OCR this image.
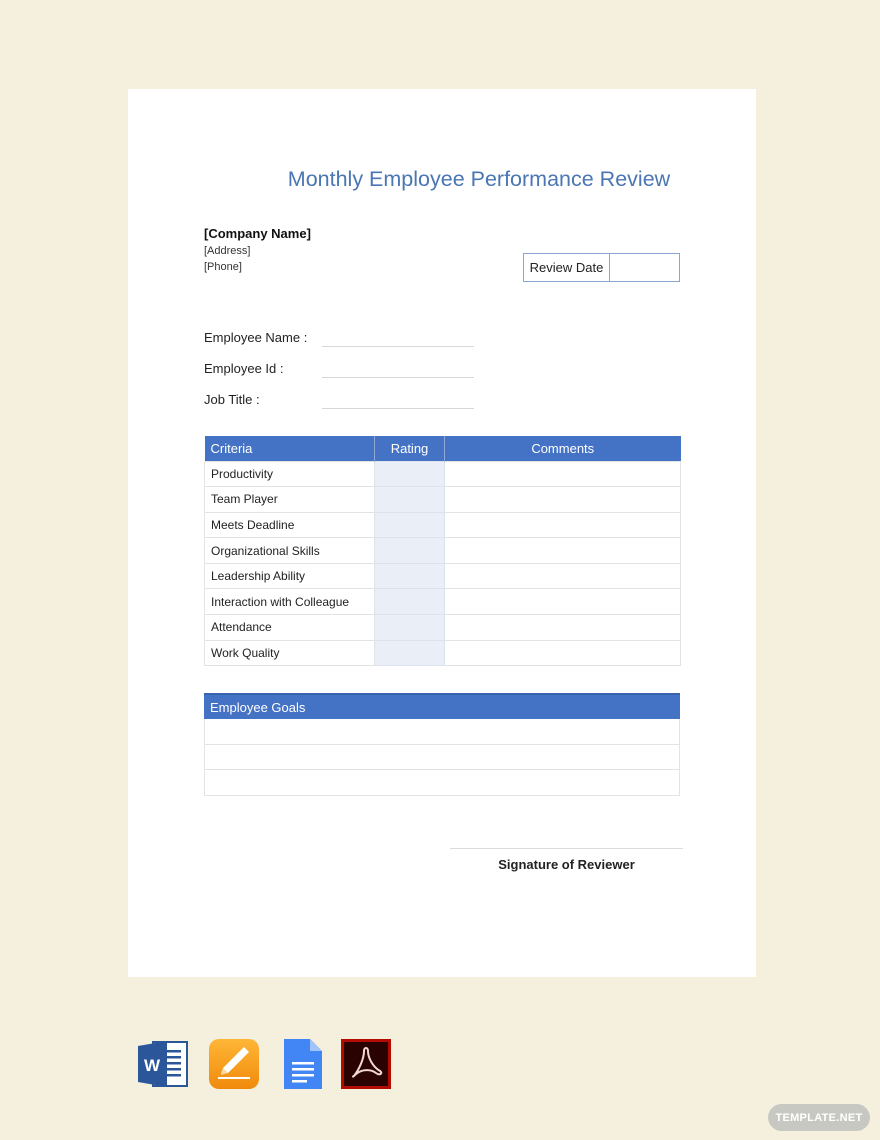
Monthly Employee Performance Review
[Company Name]
[Address]
[Phone]	Review Date
Employee Name :
Employee Id :
Job Title :
Criteria	Rating	Comments
Productivity		
Team Player		
Meets Deadline		
Organizational Skills		
Leadership Ability		
Interaction with Colleague		
Attendance		
Work Quality		
Employee Goals
Signature of Reviewer
W
TEMPLATE.NET
